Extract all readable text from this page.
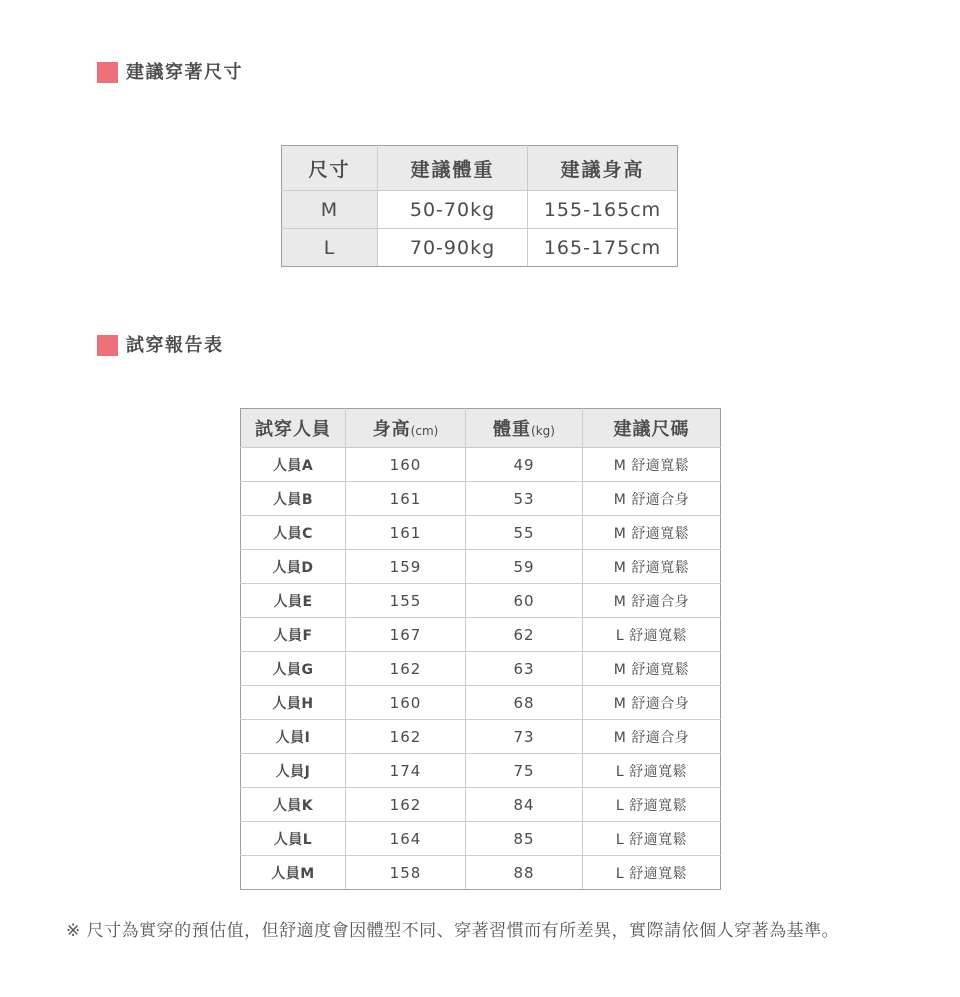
建議穿著尺寸
尺寸	建議體重	建議身高
M	50-70kg	155-165cm
L	70-90kg	165-175cm
試穿報告表
試穿人員	身高(cm)	體重(kg)	建議尺碼
人員A	160	49	M 舒適寬鬆
人員B	161	53	M 舒適合身
人員C	161	55	M 舒適寬鬆
人員D	159	59	M 舒適寬鬆
人員E	155	60	M 舒適合身
人員F	167	62	L 舒適寬鬆
人員G	162	63	M 舒適寬鬆
人員H	160	68	M 舒適合身
人員I	162	73	M 舒適合身
人員J	174	75	L 舒適寬鬆
人員K	162	84	L 舒適寬鬆
人員L	164	85	L 舒適寬鬆
人員M	158	88	L 舒適寬鬆
※ 尺寸為實穿的預估值，但舒適度會因體型不同、穿著習慣而有所差異，實際請依個人穿著為基準。
